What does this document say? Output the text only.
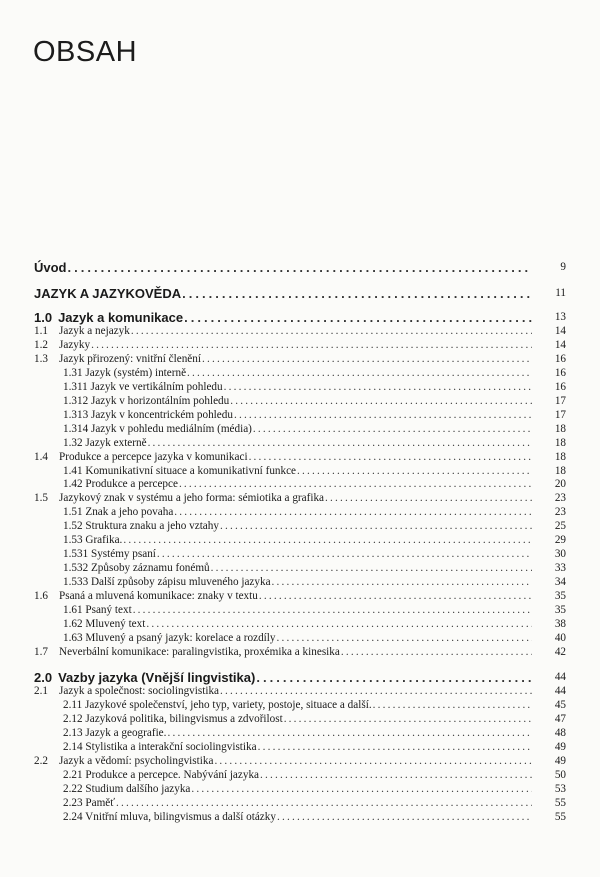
OBSAH
Úvod . . .	9
JAZYK A JAZYKOVĚDA . . .	11
1.0 Jazyk a komunikace . . .	13
1.1 Jazyk a nejazyk . . .	14
1.2 Jazyky . . .	14
1.3 Jazyk přirozený: vnitřní členění . . .	16
1.31 Jazyk (systém) interně . . .	16
1.311 Jazyk ve vertikálním pohledu . . .	16
1.312 Jazyk v horizontálním pohledu . . .	17
1.313 Jazyk v koncentrickém pohledu . . .	17
1.314 Jazyk v pohledu mediálním (média) . . .	18
1.32 Jazyk externě . . .	18
1.4 Produkce a percepce jazyka v komunikaci . . .	18
1.41 Komunikativní situace a komunikativní funkce . . .	18
1.42 Produkce a percepce . . .	20
1.5 Jazykový znak v systému a jeho forma: sémiotika a grafika . . .	23
1.51 Znak a jeho povaha . . .	23
1.52 Struktura znaku a jeho vztahy . . .	25
1.53 Grafika. . . .	29
1.531 Systémy psaní . . .	30
1.532 Způsoby záznamu fonémů . . .	33
1.533 Další způsoby zápisu mluveného jazyka . . .	34
1.6 Psaná a mluvená komunikace: znaky v textu . . .	35
1.61 Psaný text . . .	35
1.62 Mluvený text . . .	38
1.63 Mluvený a psaný jazyk: korelace a rozdíly . . .	40
1.7 Neverbální komunikace: paralingvistika, proxémika a kinesika . . .	42
2.0 Vazby jazyka (Vnější lingvistika) . . .	44
2.1 Jazyk a společnost: sociolingvistika . . .	44
2.11 Jazykové společenství, jeho typ, variety, postoje, situace a další. . . .	45
2.12 Jazyková politika, bilingvismus a zdvořilost . . .	47
2.13 Jazyk a geografie. . . .	48
2.14 Stylistika a interakční sociolingvistika . . .	49
2.2 Jazyk a vědomí: psycholingvistika . . .	49
2.21 Produkce a percepce. Nabývání jazyka . . .	50
2.22 Studium dalšího jazyka . . .	53
2.23 Paměť . . .	55
2.24 Vnitřní mluva, bilingvismus a další otázky . . .	55
